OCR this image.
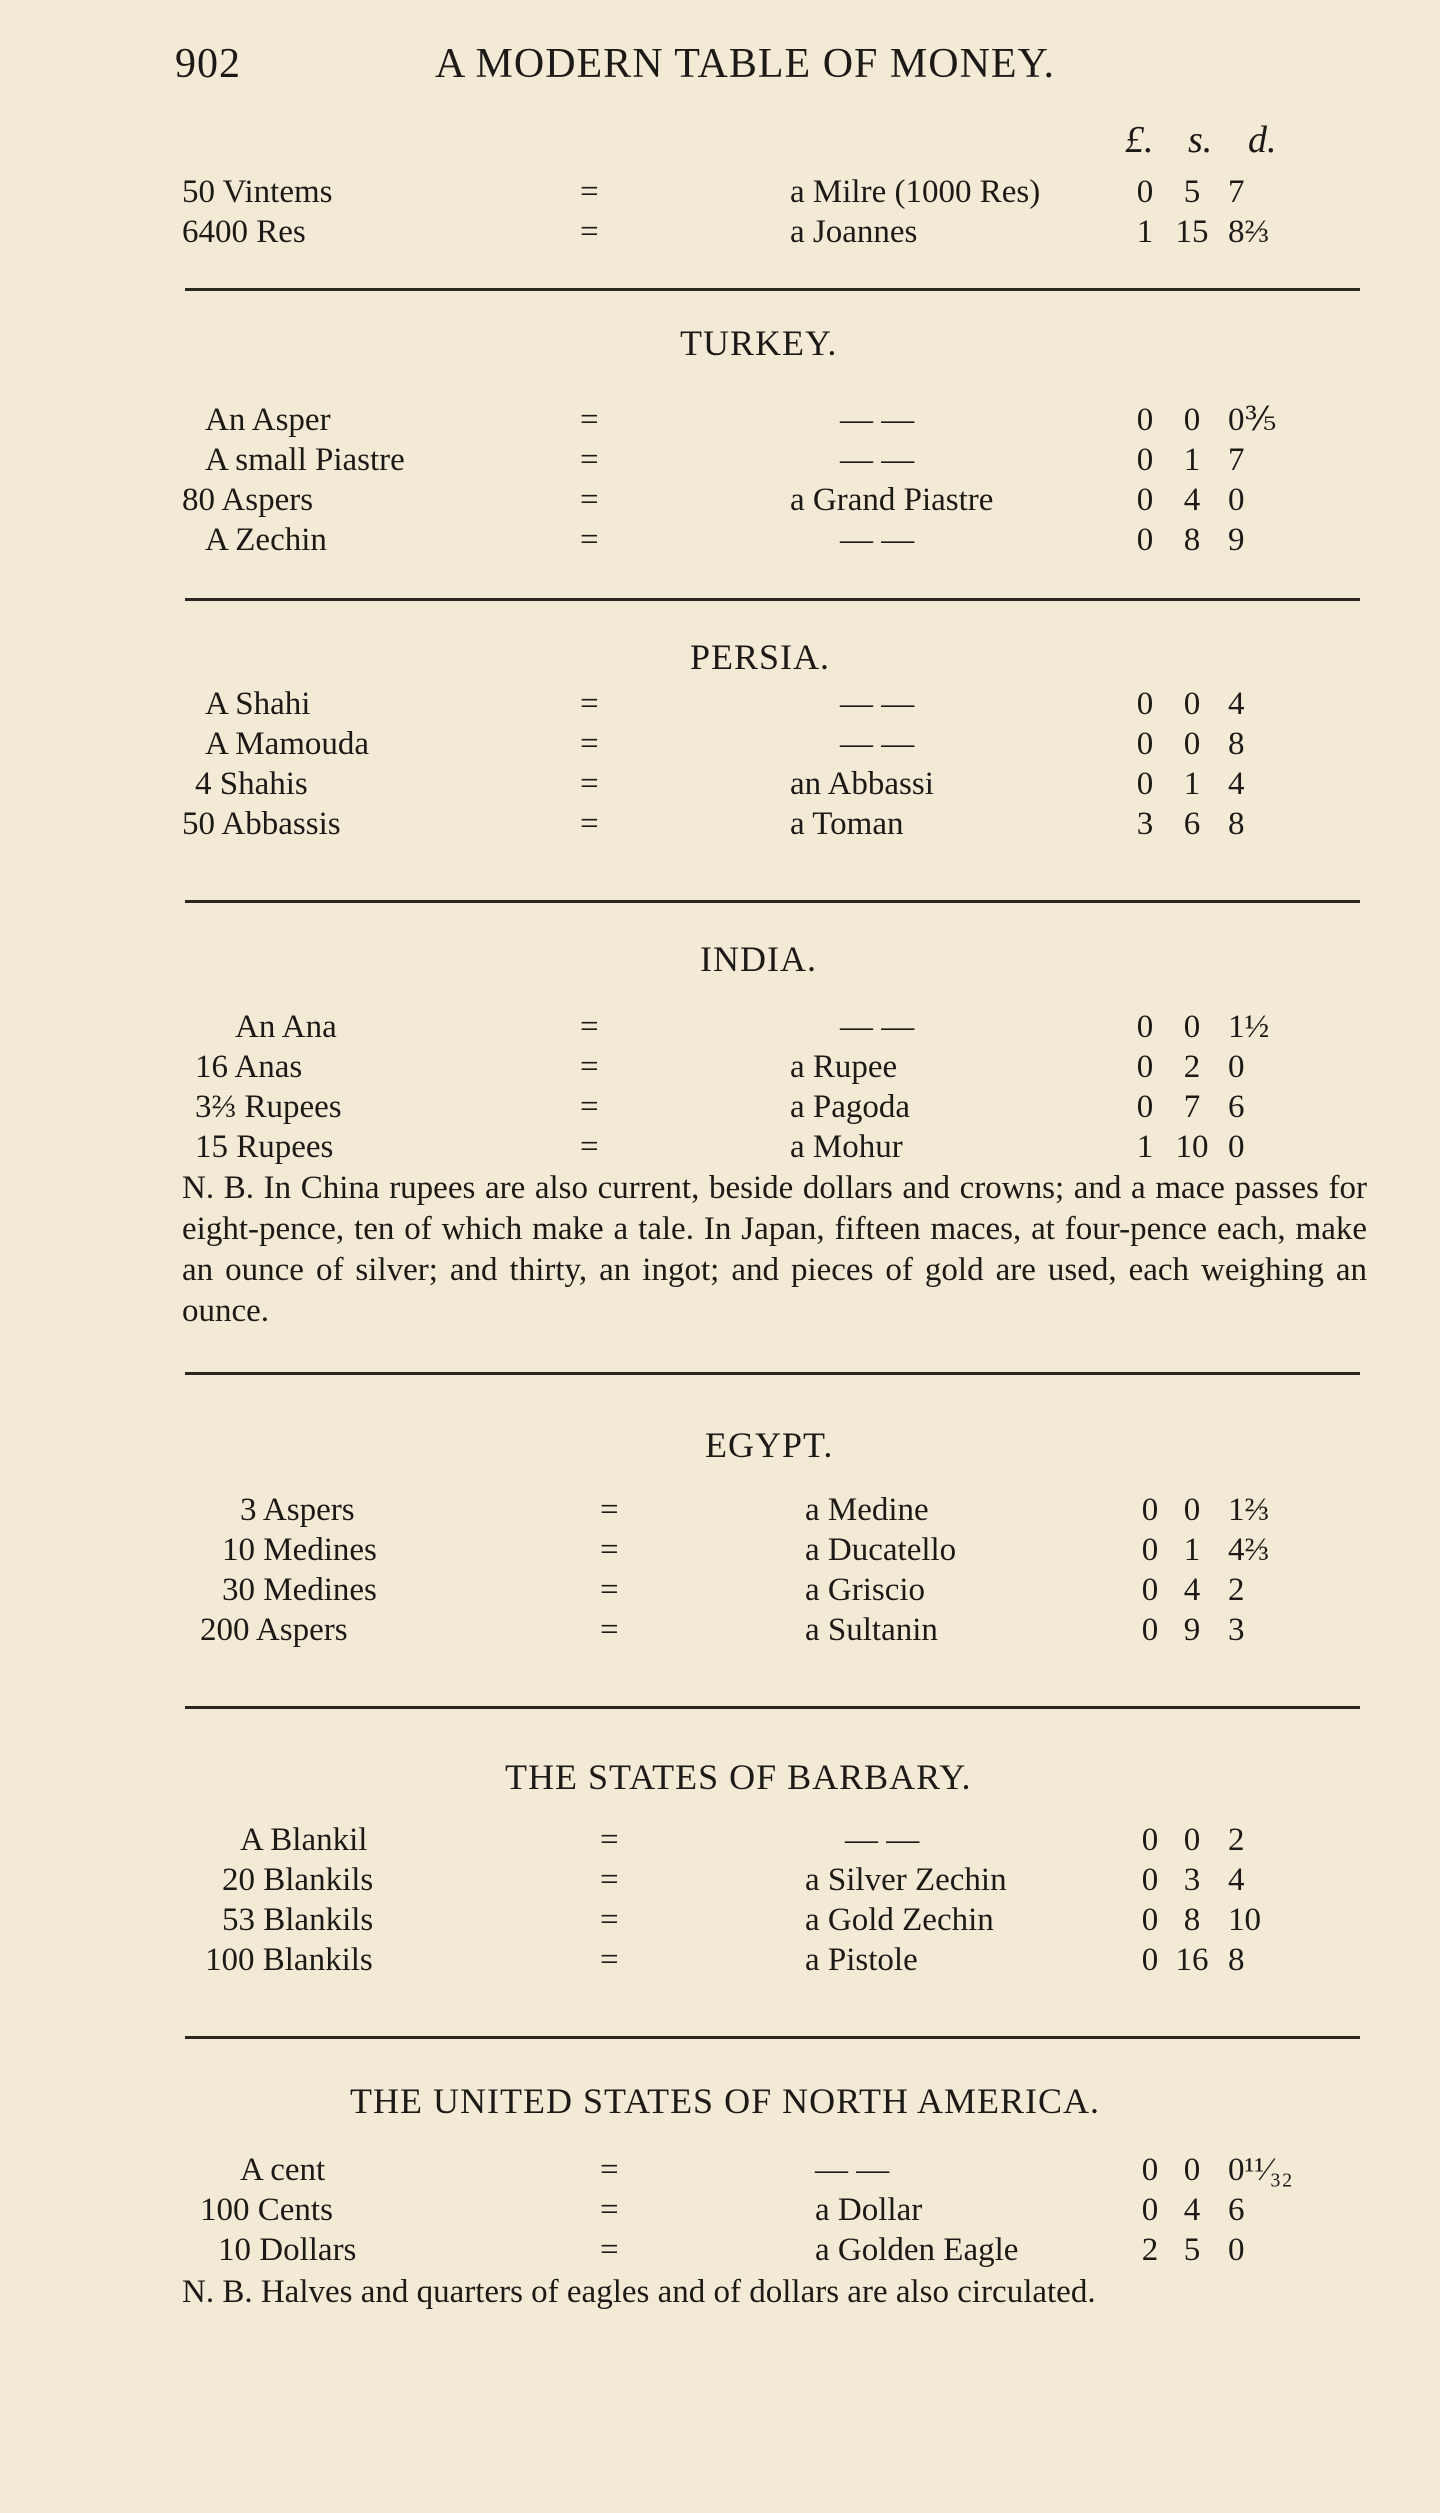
902	A MODERN TABLE OF MONEY.
£. s. d.
50 Vintems	=	a Milre (1000 Res)	0 5 7
6400 Res	=	a Joannes	1 15 8⅔
TURKEY.
An Asper	=	— —	0 0 0⅗
A small Piastre	=	— —	0 1 7
80 Aspers	=	a Grand Piastre	0 4 0
A Zechin	=	— —	0 8 9
PERSIA.
A Shahi	=	— —	0 0 4
A Mamouda	=	— —	0 0 8
4 Shahis	=	an Abbassi	0 1 4
50 Abbassis	=	a Toman	3 6 8
INDIA.
An Ana	=	— —	0 0 1½
16 Anas	=	a Rupee	0 2 0
3⅔ Rupees	=	a Pagoda	0 7 6
15 Rupees	=	a Mohur	1 10 0

N. B. In China rupees are also current, beside dollars and crowns; and a mace passes for eight-pence, ten of which make a tale. In Japan, fifteen maces, at four-pence each, make an ounce of silver; and thirty, an ingot; and pieces of gold are used, each weighing an ounce.

EGYPT.
3 Aspers	=	a Medine	0 0 1⅔
10 Medines	=	a Ducatello	0 1 4⅔
30 Medines	=	a Griscio	0 4 2
200 Aspers	=	a Sultanin	0 9 3
THE STATES OF BARBARY.
A Blankil	=	— —	0 0 2
20 Blankils	=	a Silver Zechin	0 3 4
53 Blankils	=	a Gold Zechin	0 8 10
100 Blankils	=	a Pistole	0 16 8
THE UNITED STATES OF NORTH AMERICA.
A cent	=	— —	0 0 0¹¹⁄₃₂
100 Cents	=	a Dollar	0 4 6
10 Dollars	=	a Golden Eagle	2 5 0

N. B. Halves and quarters of eagles and of dollars are also circulated.
